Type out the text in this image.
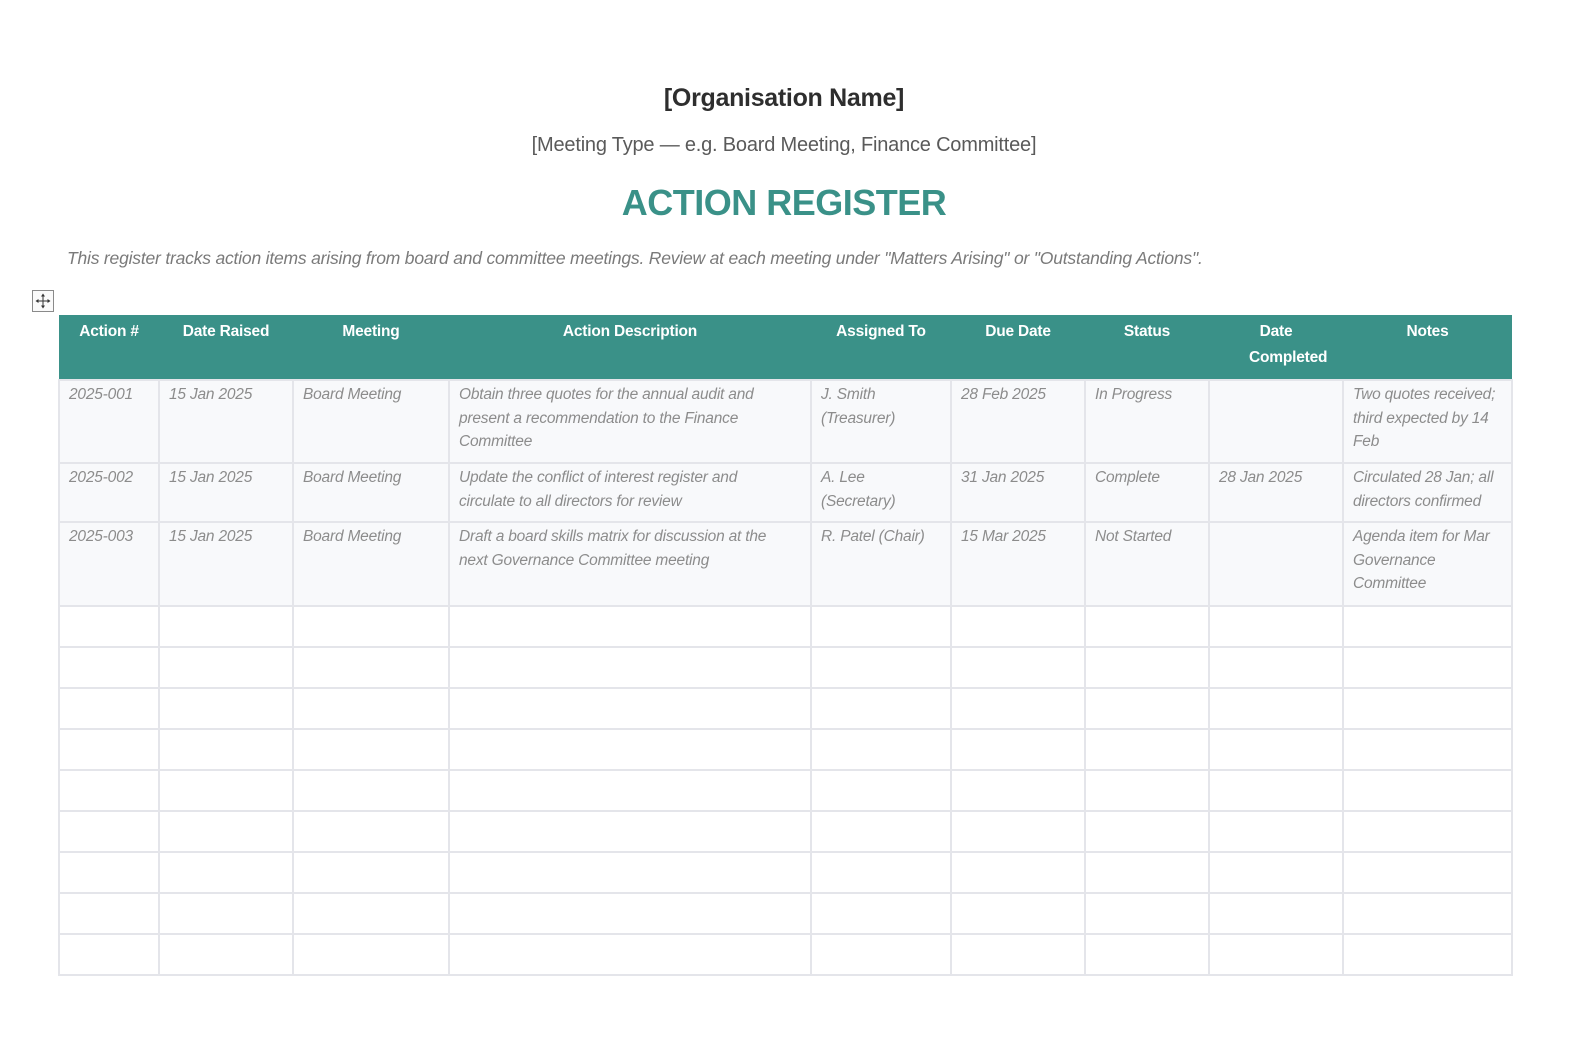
[Organisation Name]
[Meeting Type — e.g. Board Meeting, Finance Committee]
ACTION REGISTER
This register tracks action items arising from board and committee meetings. Review at each meeting under "Matters Arising" or "Outstanding Actions".
Action #	Date Raised	Meeting	Action Description	Assigned To	Due Date	Status	Date Completed	Notes
2025-001	15 Jan 2025	Board Meeting	Obtain three quotes for the annual audit and present a recommendation to the Finance Committee	J. Smith (Treasurer)	28 Feb 2025	In Progress		Two quotes received; third expected by 14 Feb
2025-002	15 Jan 2025	Board Meeting	Update the conflict of interest register and circulate to all directors for review	A. Lee (Secretary)	31 Jan 2025	Complete	28 Jan 2025	Circulated 28 Jan; all directors confirmed
2025-003	15 Jan 2025	Board Meeting	Draft a board skills matrix for discussion at the next Governance Committee meeting	R. Patel (Chair)	15 Mar 2025	Not Started		Agenda item for Mar Governance Committee
